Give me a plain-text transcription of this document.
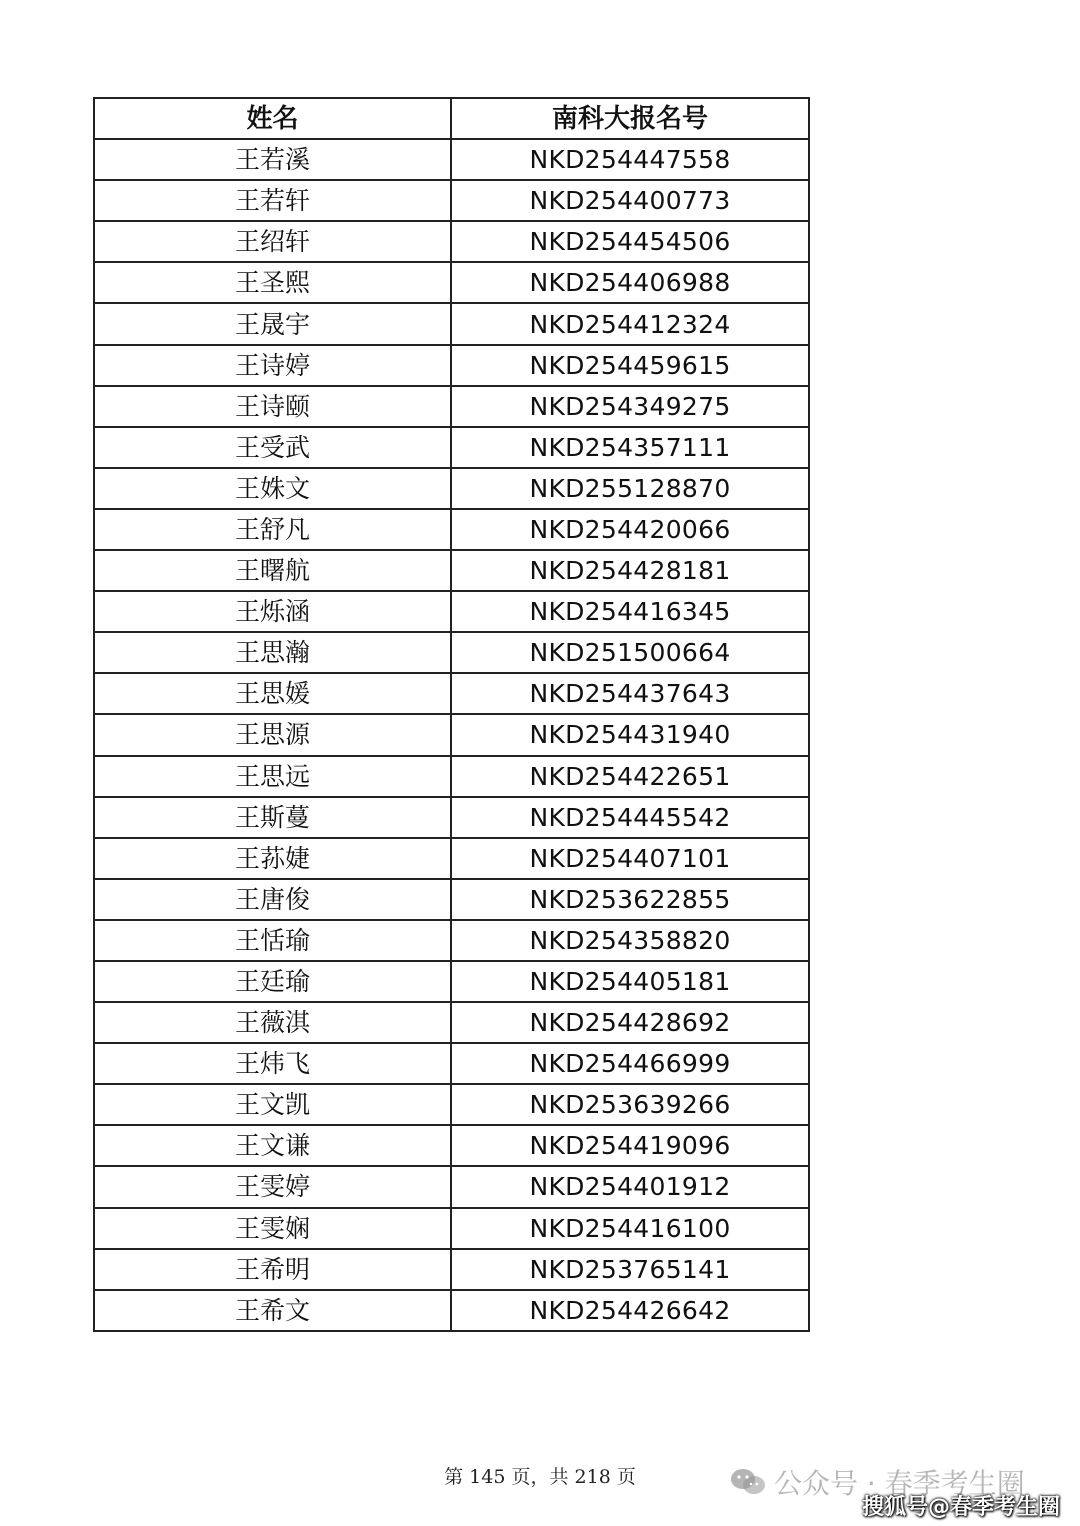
姓名	南科大报名号
王若溪	NKD254447558
王若轩	NKD254400773
王绍轩	NKD254454506
王圣熙	NKD254406988
王晟宇	NKD254412324
王诗婷	NKD254459615
王诗颐	NKD254349275
王受武	NKD254357111
王姝文	NKD255128870
王舒凡	NKD254420066
王曙航	NKD254428181
王烁涵	NKD254416345
王思瀚	NKD251500664
王思媛	NKD254437643
王思源	NKD254431940
王思远	NKD254422651
王斯蔓	NKD254445542
王荪婕	NKD254407101
王唐俊	NKD253622855
王恬瑜	NKD254358820
王廷瑜	NKD254405181
王薇淇	NKD254428692
王炜飞	NKD254466999
王文凯	NKD253639266
王文谦	NKD254419096
王雯婷	NKD254401912
王雯娴	NKD254416100
王希明	NKD253765141
王希文	NKD254426642
第 145 页，共 218 页	公众号 · 春季考生圈
搜狐号@春季考生圈
